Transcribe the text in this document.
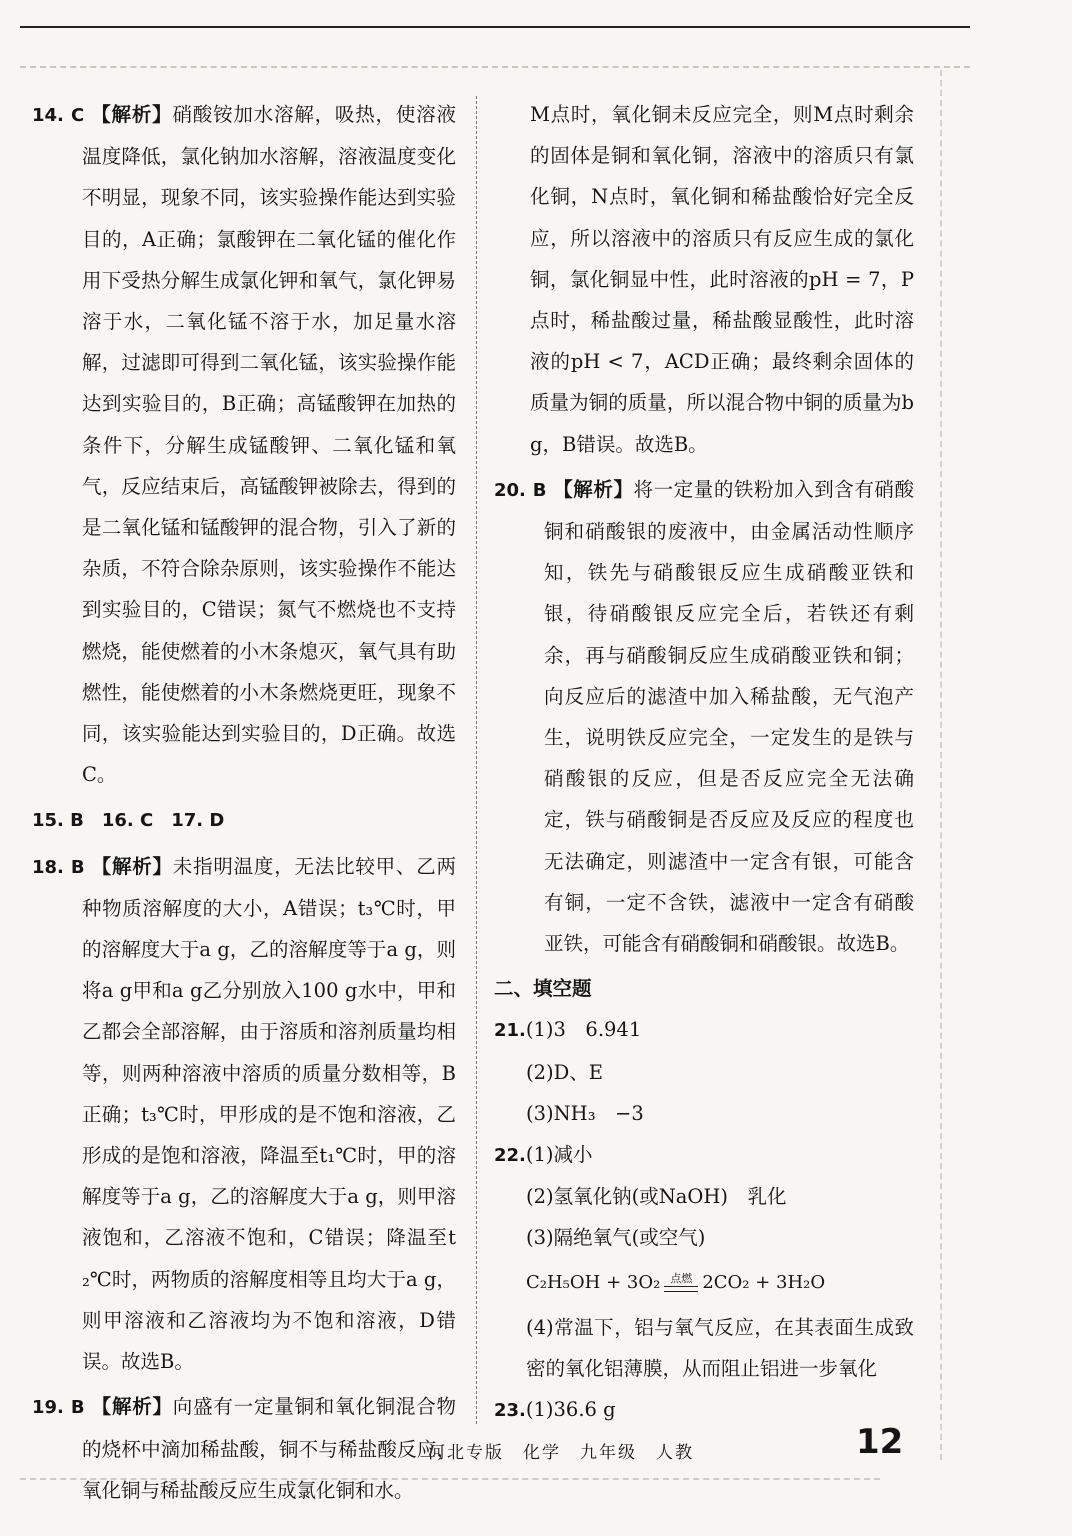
14. C 【解析】硝酸铵加水溶解，吸热，使溶液温度降低，氯化钠加水溶解，溶液温度变化不明显，现象不同，该实验操作能达到实验目的，A正确；氯酸钾在二氧化锰的催化作用下受热分解生成氯化钾和氧气，氯化钾易溶于水，二氧化锰不溶于水，加足量水溶解，过滤即可得到二氧化锰，该实验操作能达到实验目的，B正确；高锰酸钾在加热的条件下，分解生成锰酸钾、二氧化锰和氧气，反应结束后，高锰酸钾被除去，得到的是二氧化锰和锰酸钾的混合物，引入了新的杂质，不符合除杂原则，该实验操作不能达到实验目的，C错误；氮气不燃烧也不支持燃烧，能使燃着的小木条熄灭，氧气具有助燃性，能使燃着的小木条燃烧更旺，现象不同，该实验能达到实验目的，D正确。故选C。

15. B　16. C　17. D

18. B 【解析】未指明温度，无法比较甲、乙两种物质溶解度的大小，A错误；t₃℃时，甲的溶解度大于a g，乙的溶解度等于a g，则将a g甲和a g乙分别放入100 g水中，甲和乙都会全部溶解，由于溶质和溶剂质量均相等，则两种溶液中溶质的质量分数相等，B正确；t₃℃时，甲形成的是不饱和溶液，乙形成的是饱和溶液，降温至t₁℃时，甲的溶解度等于a g，乙的溶解度大于a g，则甲溶液饱和，乙溶液不饱和，C错误；降温至t₂℃时，两物质的溶解度相等且均大于a g，则甲溶液和乙溶液均为不饱和溶液，D错误。故选B。

19. B 【解析】向盛有一定量铜和氧化铜混合物的烧杯中滴加稀盐酸，铜不与稀盐酸反应，氧化铜与稀盐酸反应生成氯化铜和水。

M点时，氧化铜未反应完全，则M点时剩余的固体是铜和氧化铜，溶液中的溶质只有氯化铜，N点时，氧化铜和稀盐酸恰好完全反应，所以溶液中的溶质只有反应生成的氯化铜，氯化铜显中性，此时溶液的pH = 7，P点时，稀盐酸过量，稀盐酸显酸性，此时溶液的pH < 7，ACD正确；最终剩余固体的质量为铜的质量，所以混合物中铜的质量为b g，B错误。故选B。

20. B 【解析】将一定量的铁粉加入到含有硝酸铜和硝酸银的废液中，由金属活动性顺序知，铁先与硝酸银反应生成硝酸亚铁和银，待硝酸银反应完全后，若铁还有剩余，再与硝酸铜反应生成硝酸亚铁和铜；向反应后的滤渣中加入稀盐酸，无气泡产生，说明铁反应完全，一定发生的是铁与硝酸银的反应，但是否反应完全无法确定，铁与硝酸铜是否反应及反应的程度也无法确定，则滤渣中一定含有银，可能含有铜，一定不含铁，滤液中一定含有硝酸亚铁，可能含有硝酸铜和硝酸银。故选B。

二、填空题
21.(1)3　6.941
(2)D、E
(3)NH₃　−3
22.(1)减小
(2)氢氧化钠(或NaOH)　乳化
(3)隔绝氧气(或空气)
C₂H₅OH + 3O₂ 点燃 2CO₂ + 3H₂O
(4)常温下，铝与氧气反应，在其表面生成致密的氧化铝薄膜，从而阻止铝进一步氧化
23.(1)36.6 g
河北专版　化学　九年级　人教	12
